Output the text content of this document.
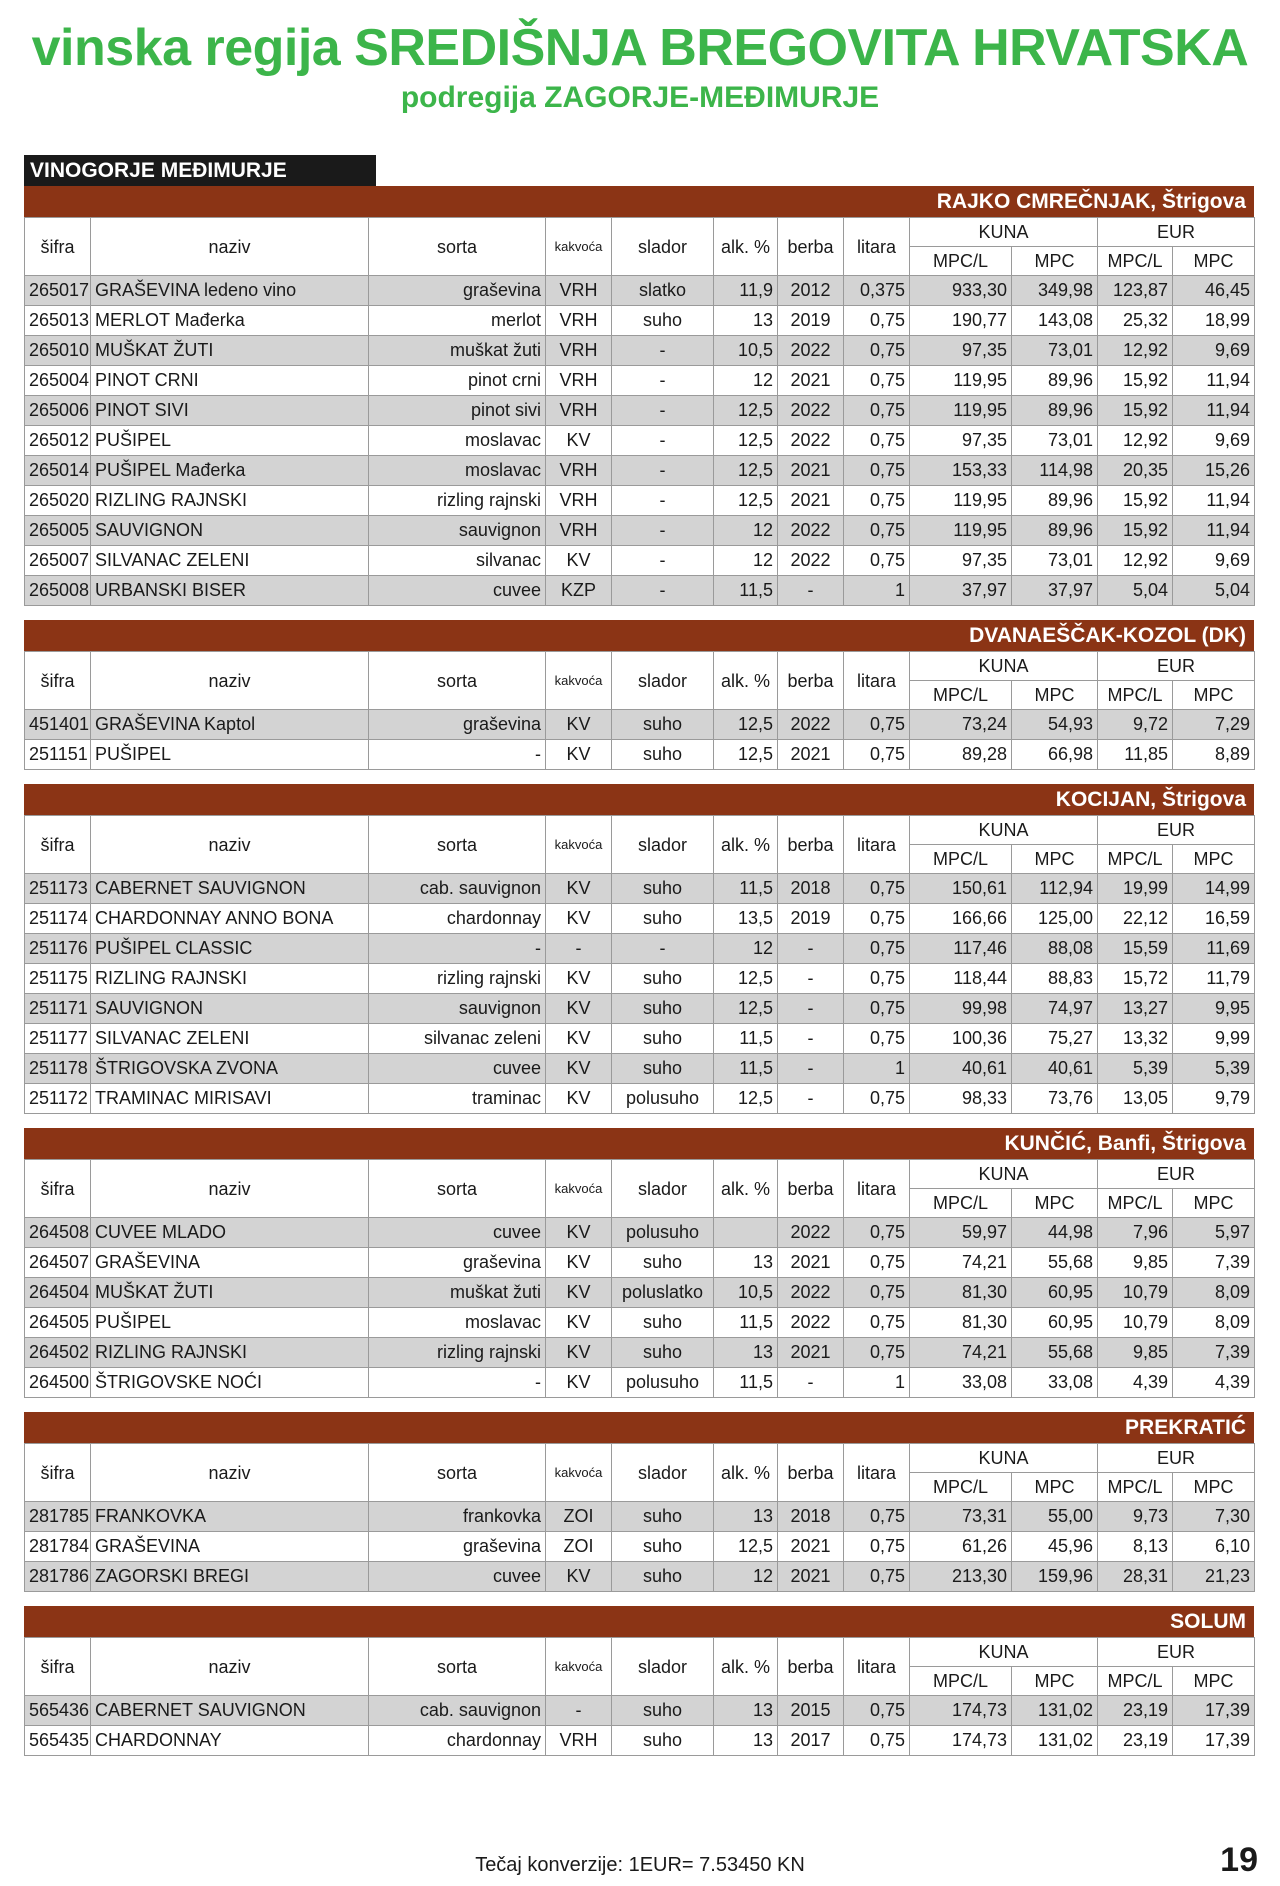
vinska regija SREDIŠNJA BREGOVITA HRVATSKA
podregija ZAGORJE-MEĐIMURJE
VINOGORJE MEĐIMURJE
RAJKO CMREČNJAK, Štrigova
šifra	naziv	sorta	kakvoća	slador	alk. %	berba	litara	KUNA		EUR	
								MPC/L	MPC	MPC/L	MPC
265017	GRAŠEVINA ledeno vino	graševina	VRH	slatko	11,9	2012	0,375	933,30	349,98	123,87	46,45
265013	MERLOT Mađerka	merlot	VRH	suho	13	2019	0,75	190,77	143,08	25,32	18,99
265010	MUŠKAT ŽUTI	muškat žuti	VRH	-	10,5	2022	0,75	97,35	73,01	12,92	9,69
265004	PINOT CRNI	pinot crni	VRH	-	12	2021	0,75	119,95	89,96	15,92	11,94
265006	PINOT SIVI	pinot sivi	VRH	-	12,5	2022	0,75	119,95	89,96	15,92	11,94
265012	PUŠIPEL	moslavac	KV	-	12,5	2022	0,75	97,35	73,01	12,92	9,69
265014	PUŠIPEL Mađerka	moslavac	VRH	-	12,5	2021	0,75	153,33	114,98	20,35	15,26
265020	RIZLING RAJNSKI	rizling rajnski	VRH	-	12,5	2021	0,75	119,95	89,96	15,92	11,94
265005	SAUVIGNON	sauvignon	VRH	-	12	2022	0,75	119,95	89,96	15,92	11,94
265007	SILVANAC ZELENI	silvanac	KV	-	12	2022	0,75	97,35	73,01	12,92	9,69
265008	URBANSKI BISER	cuvee	KZP	-	11,5	-	1	37,97	37,97	5,04	5,04
DVANAEŠČAK-KOZOL (DK)
šifra	naziv	sorta	kakvoća	slador	alk. %	berba	litara	KUNA		EUR	
								MPC/L	MPC	MPC/L	MPC
451401	GRAŠEVINA Kaptol	graševina	KV	suho	12,5	2022	0,75	73,24	54,93	9,72	7,29
251151	PUŠIPEL	-	KV	suho	12,5	2021	0,75	89,28	66,98	11,85	8,89
KOCIJAN, Štrigova
šifra	naziv	sorta	kakvoća	slador	alk. %	berba	litara	KUNA		EUR	
								MPC/L	MPC	MPC/L	MPC
251173	CABERNET SAUVIGNON	cab. sauvignon	KV	suho	11,5	2018	0,75	150,61	112,94	19,99	14,99
251174	CHARDONNAY ANNO BONA	chardonnay	KV	suho	13,5	2019	0,75	166,66	125,00	22,12	16,59
251176	PUŠIPEL CLASSIC	-	-	-	12	-	0,75	117,46	88,08	15,59	11,69
251175	RIZLING RAJNSKI	rizling rajnski	KV	suho	12,5	-	0,75	118,44	88,83	15,72	11,79
251171	SAUVIGNON	sauvignon	KV	suho	12,5	-	0,75	99,98	74,97	13,27	9,95
251177	SILVANAC ZELENI	silvanac zeleni	KV	suho	11,5	-	0,75	100,36	75,27	13,32	9,99
251178	ŠTRIGOVSKA ZVONA	cuvee	KV	suho	11,5	-	1	40,61	40,61	5,39	5,39
251172	TRAMINAC MIRISAVI	traminac	KV	polusuho	12,5	-	0,75	98,33	73,76	13,05	9,79
KUNČIĆ, Banfi, Štrigova
šifra	naziv	sorta	kakvoća	slador	alk. %	berba	litara	KUNA		EUR	
								MPC/L	MPC	MPC/L	MPC
264508	CUVEE MLADO	cuvee	KV	polusuho		2022	0,75	59,97	44,98	7,96	5,97
264507	GRAŠEVINA	graševina	KV	suho	13	2021	0,75	74,21	55,68	9,85	7,39
264504	MUŠKAT ŽUTI	muškat žuti	KV	poluslatko	10,5	2022	0,75	81,30	60,95	10,79	8,09
264505	PUŠIPEL	moslavac	KV	suho	11,5	2022	0,75	81,30	60,95	10,79	8,09
264502	RIZLING RAJNSKI	rizling rajnski	KV	suho	13	2021	0,75	74,21	55,68	9,85	7,39
264500	ŠTRIGOVSKE NOĆI	-	KV	polusuho	11,5	-	1	33,08	33,08	4,39	4,39
PREKRATIĆ
šifra	naziv	sorta	kakvoća	slador	alk. %	berba	litara	KUNA		EUR	
								MPC/L	MPC	MPC/L	MPC
281785	FRANKOVKA	frankovka	ZOI	suho	13	2018	0,75	73,31	55,00	9,73	7,30
281784	GRAŠEVINA	graševina	ZOI	suho	12,5	2021	0,75	61,26	45,96	8,13	6,10
281786	ZAGORSKI BREGI	cuvee	KV	suho	12	2021	0,75	213,30	159,96	28,31	21,23
SOLUM
šifra	naziv	sorta	kakvoća	slador	alk. %	berba	litara	KUNA		EUR	
								MPC/L	MPC	MPC/L	MPC
565436	CABERNET SAUVIGNON	cab. sauvignon	-	suho	13	2015	0,75	174,73	131,02	23,19	17,39
565435	CHARDONNAY	chardonnay	VRH	suho	13	2017	0,75	174,73	131,02	23,19	17,39
Tečaj konverzije: 1EUR= 7.53450 KN	19
